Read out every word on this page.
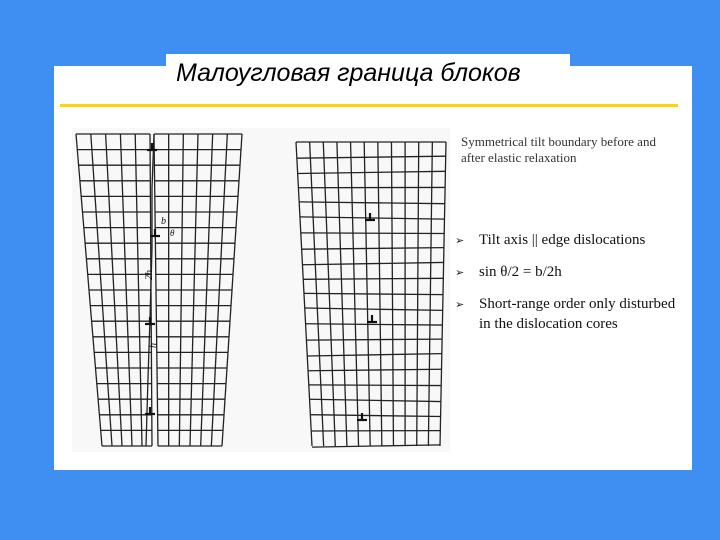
Малоугловая граница блоков
b
2h
h
θ
Symmetrical tilt boundary before and after elastic relaxation
➢ Tilt axis || edge dislocations
➢ sin θ/2 = b/2h
➢ Short-range order only disturbed in the dislocation cores
